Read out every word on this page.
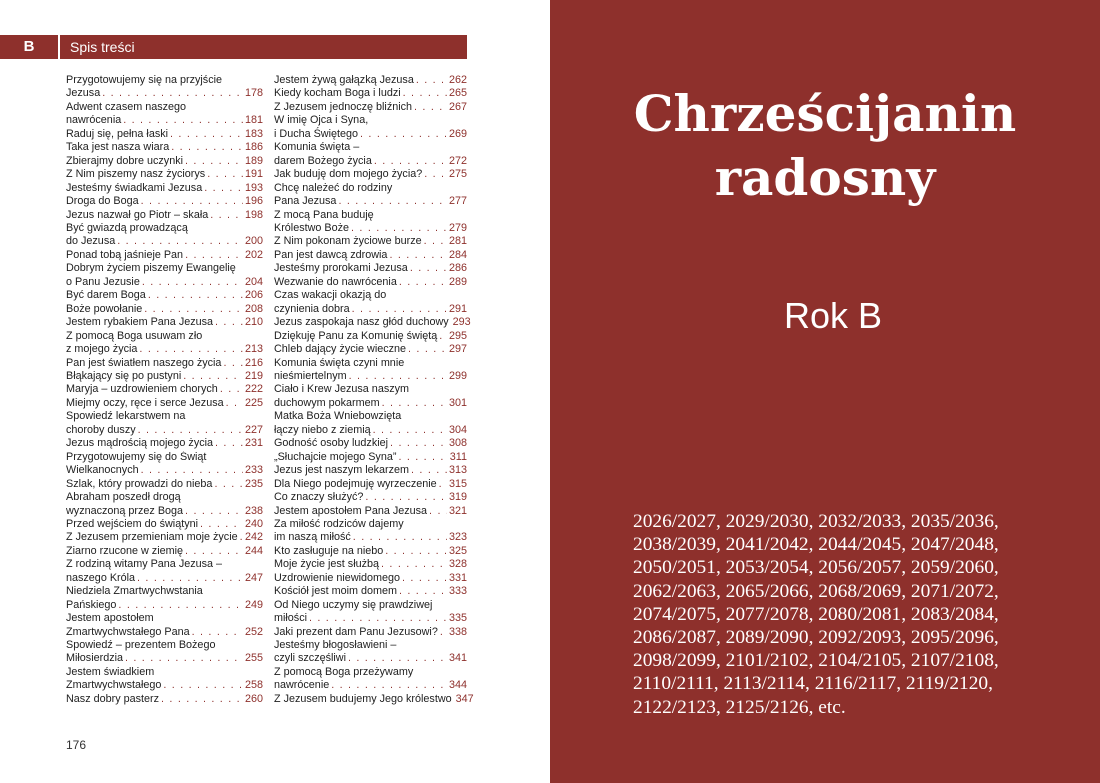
B	Spis treści
Przygotowujemy się na przyjście
Jezusa . . .	178
Adwent czasem naszego
nawrócenia . . .	181
Raduj się, pełna łaski . . .	183
Taka jest nasza wiara . . .	186
Zbierajmy dobre uczynki . . .	189
Z Nim piszemy nasz życiorys . . .	191
Jesteśmy świadkami Jezusa . . .	193
Droga do Boga . . .	196
Jezus nazwał go Piotr – skała . . .	198
Być gwiazdą prowadzącą
do Jezusa . . .	200
Ponad tobą jaśnieje Pan . . .	202
Dobrym życiem piszemy Ewangelię
o Panu Jezusie . . .	204
Być darem Boga . . .	206
Boże powołanie . . .	208
Jestem rybakiem Pana Jezusa . . .	210
Z pomocą Boga usuwam zło
z mojego życia . . .	213
Pan jest światłem naszego życia . . . 216
Błąkający się po pustyni . . .	219
Maryja – uzdrowieniem chorych . . .	222
Miejmy oczy, ręce i serce Jezusa . . . 225
Spowiedź lekarstwem na
choroby duszy . . .	227
Jezus mądrością mojego życia . . .	231
Przygotowujemy się do Świąt
Wielkanocnych . . .	233
Szlak, który prowadzi do nieba . . .	235
Abraham poszedł drogą
wyznaczoną przez Boga . . .	238
Przed wejściem do świątyni . . .	240
Z Jezusem przemieniam moje życie . . . 242
Ziarno rzucone w ziemię . . .	244
Z rodziną witamy Pana Jezusa –
naszego Króla . . .	247
Niedziela Zmartwychwstania
Pańskiego . . .	249
Jestem apostołem
Zmartwychwstałego Pana . . .	252
Spowiedź – prezentem Bożego
Miłosierdzia . . .	255
Jestem świadkiem
Zmartwychwstałego . . .	258
Nasz dobry pasterz . . .	260
Jestem żywą gałązką Jezusa . . .	262
Kiedy kocham Boga i ludzi . . .	265
Z Jezusem jednoczę bliźnich . . .	267
W imię Ojca i Syna,
i Ducha Świętego . . .	269
Komunia święta –
darem Bożego życia . . .	272
Jak buduję dom mojego życia? . . . 275
Chcę należeć do rodziny
Pana Jezusa . . .	277
Z mocą Pana buduję
Królestwo Boże . . .	279
Z Nim pokonam życiowe burze . . .	281
Pan jest dawcą zdrowia . . .	284
Jesteśmy prorokami Jezusa . . .	286
Wezwanie do nawrócenia . . .	289
Czas wakacji okazją do
czynienia dobra . . .	291
Jezus zaspokaja nasz głód duchowy . . . 293
Dziękuję Panu za Komunię świętą . . . 295
Chleb dający życie wieczne . . .	297
Komunia święta czyni mnie
nieśmiertelnym . . .	299
Ciało i Krew Jezusa naszym
duchowym pokarmem . . .	301
Matka Boża Wniebowzięta
łączy niebo z ziemią . . .	304
Godność osoby ludzkiej . . .	308
„Słuchajcie mojego Syna” . . .	311
Jezus jest naszym lekarzem . . .	313
Dla Niego podejmuję wyrzeczenie . . . 315
Co znaczy służyć? . . .	319
Jestem apostołem Pana Jezusa . . . 321
Za miłość rodziców dajemy
im naszą miłość . . .	323
Kto zasługuje na niebo . . .	325
Moje życie jest służbą . . .	328
Uzdrowienie niewidomego . . .	331
Kościół jest moim domem . . .	333
Od Niego uczymy się prawdziwej
miłości . . .	335
Jaki prezent dam Panu Jezusowi? . . . 338
Jesteśmy błogosławieni –
czyli szczęśliwi . . .	341
Z pomocą Boga przeżywamy
nawrócenie . . .	344
Z Jezusem budujemy Jego królestwo . . . 347
176
Chrześcijanin
radosny
Rok B
2026/2027, 2029/2030, 2032/2033, 2035/2036, 2038/2039, 2041/2042, 2044/2045, 2047/2048, 2050/2051, 2053/2054, 2056/2057, 2059/2060, 2062/2063, 2065/2066, 2068/2069, 2071/2072, 2074/2075, 2077/2078, 2080/2081, 2083/2084, 2086/2087, 2089/2090, 2092/2093, 2095/2096, 2098/2099, 2101/2102, 2104/2105, 2107/2108, 2110/2111, 2113/2114, 2116/2117, 2119/2120, 2122/2123, 2125/2126, etc.
